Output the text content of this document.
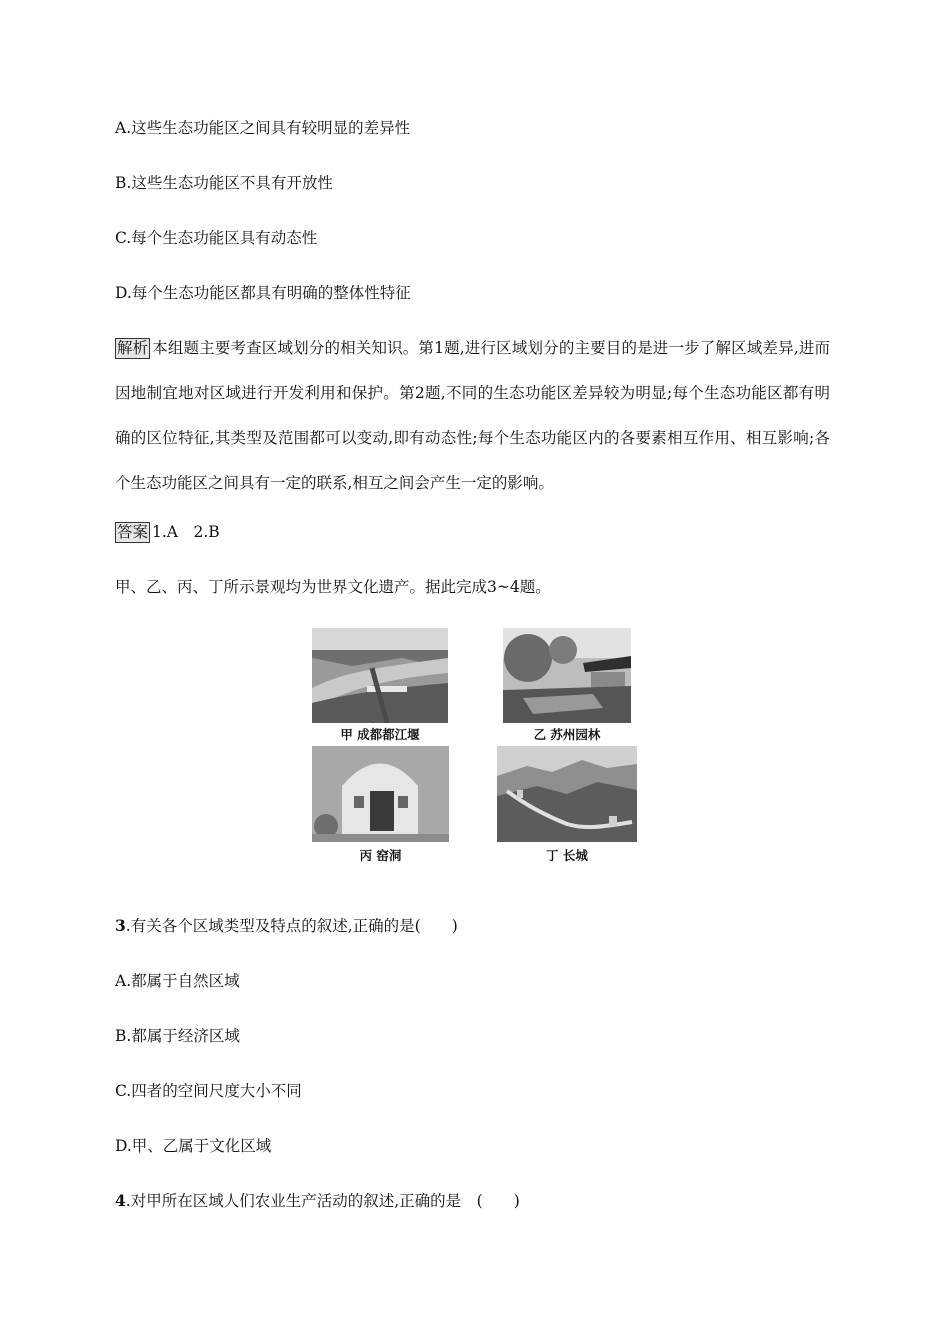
A.这些生态功能区之间具有较明显的差异性
B.这些生态功能区不具有开放性
C.每个生态功能区具有动态性
D.每个生态功能区都具有明确的整体性特征
解析 本组题主要考查区域划分的相关知识。第1题,进行区域划分的主要目的是进一步了解区域差异,进而因地制宜地对区域进行开发利用和保护。第2题,不同的生态功能区差异较为明显;每个生态功能区都有明确的区位特征,其类型及范围都可以变动,即有动态性;每个生态功能区内的各要素相互作用、相互影响;各个生态功能区之间具有一定的联系,相互之间会产生一定的影响。
答案 1.A　2.B
甲、乙、丙、丁所示景观均为世界文化遗产。据此完成3~4题。
甲 成都都江堰	乙 苏州园林
丙 窑洞	丁 长城
3.有关各个区域类型及特点的叙述,正确的是(　　)
A.都属于自然区域
B.都属于经济区域
C.四者的空间尺度大小不同
D.甲、乙属于文化区域
4.对甲所在区域人们农业生产活动的叙述,正确的是　(　　)
